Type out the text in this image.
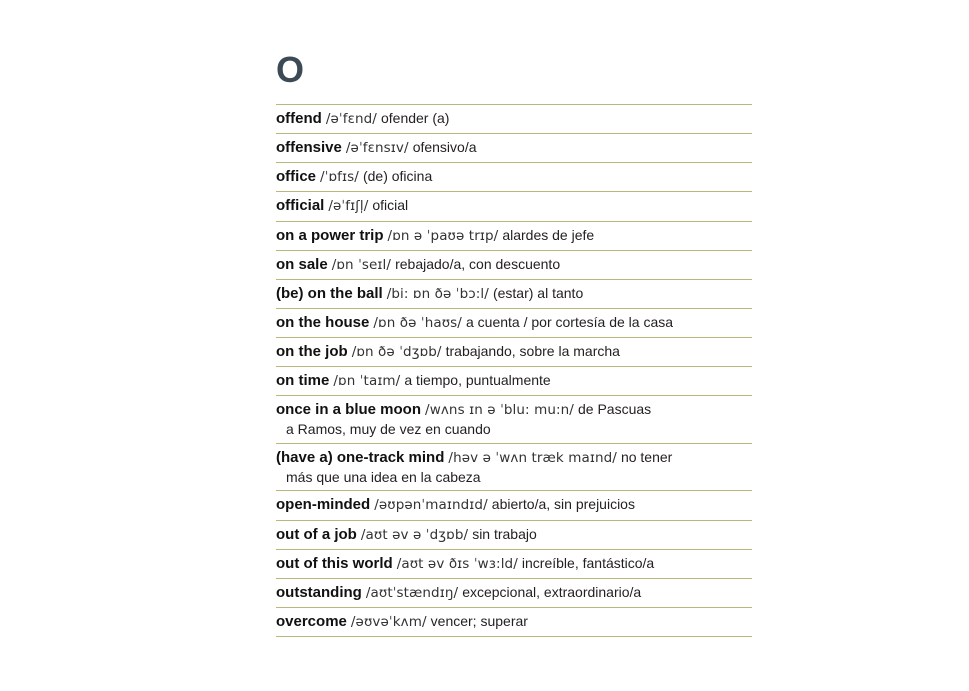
O
offend /əˈfɛnd/ ofender (a)
offensive /əˈfɛnsɪv/ ofensivo/a
office /ˈɒfɪs/ (de) oficina
official /əˈfɪʃl̩/ oficial
on a power trip /ɒn ə ˈpaʊə trɪp/ alardes de jefe
on sale /ɒn ˈseɪl/ rebajado/a, con descuento
(be) on the ball /bi: ɒn ðə ˈbɔ:l/ (estar) al tanto
on the house /ɒn ðə ˈhaʊs/ a cuenta / por cortesía de la casa
on the job /ɒn ðə ˈdʒɒb/ trabajando, sobre la marcha
on time /ɒn ˈtaɪm/ a tiempo, puntualmente
once in a blue moon /wʌns ɪn ə ˈblu: mu:n/ de Pascuas
a Ramos, muy de vez en cuando
(have a) one-track mind /həv ə ˈwʌn træk maɪnd/ no tener
más que una idea en la cabeza
open-minded /əʊpənˈmaɪndɪd/ abierto/a, sin prejuicios
out of a job /aʊt əv ə ˈdʒɒb/ sin trabajo
out of this world /aʊt əv ðɪs ˈwɜ:ld/ increíble, fantástico/a
outstanding /aʊtˈstændɪŋ/ excepcional, extraordinario/a
overcome /əʊvəˈkʌm/ vencer; superar
